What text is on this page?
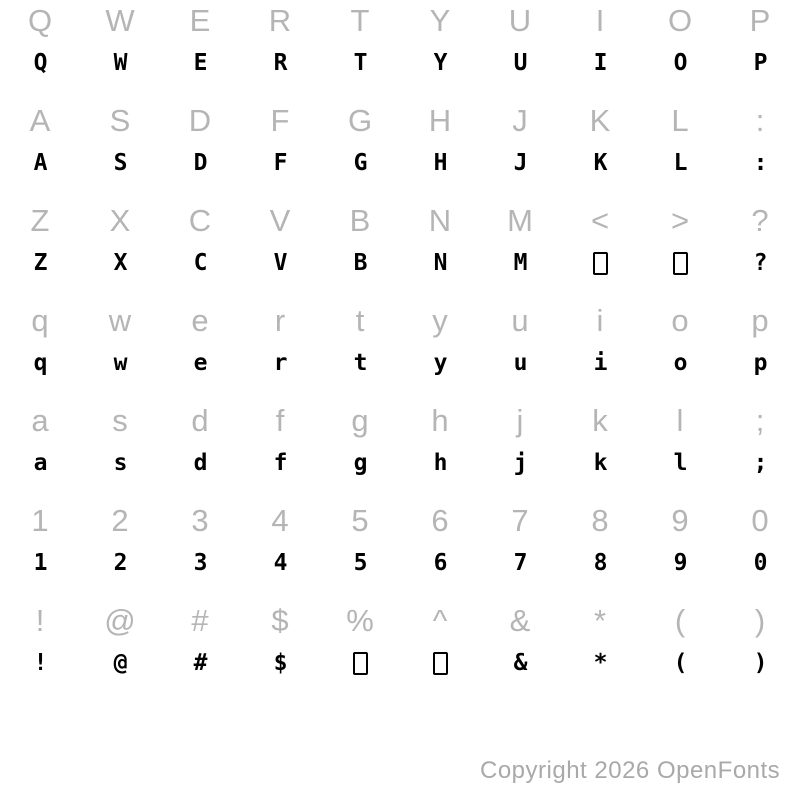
Q
Q
W
W
E
E
R
R
T
T
Y
Y
U
U
I
I
O
O
P
P
A
A
S
S
D
D
F
F
G
G
H
H
J
J
K
K
L
L
:
:
Z
Z
X
X
C
C
V
V
B
B
N
N
M
M
< > ?
?
q
q
w
w
e
e
r
r
t
t
y
y
u
u
i
i
o
o
p
p
a
a
s
s
d
d
f
f
g
g
h
h
j
j
k
k
l
l
;
;
1
1
2
2
3
3
4
4
5
5
6
6
7
7
8
8
9
9
0
0
!
!
@
@
#
#
$
$
% ^ &
&
*
*
(
(
)
)
Copyright 2026 OpenFonts
